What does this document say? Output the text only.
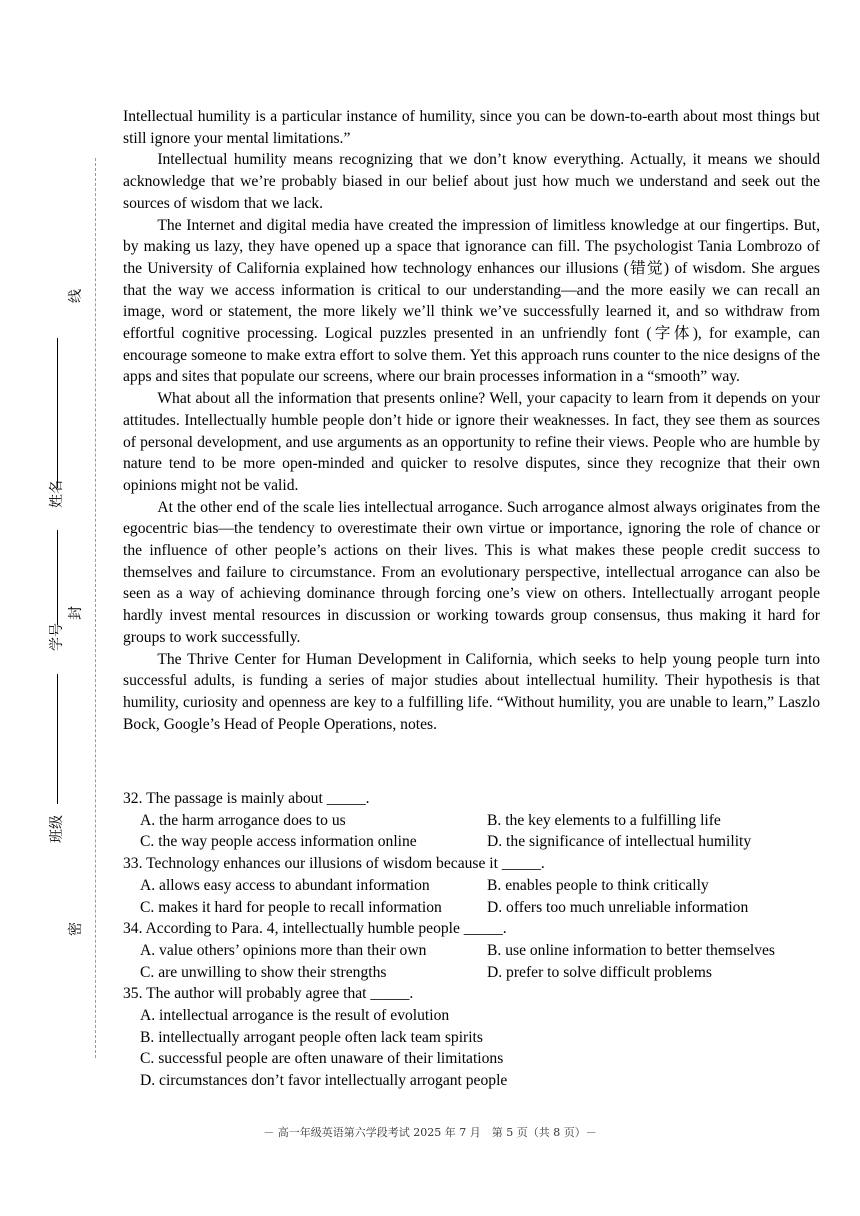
线
姓名
封
学号
班级
密

Intellectual humility is a particular instance of humility, since you can be down-to-earth about most things but still ignore your mental limitations.”

Intellectual humility means recognizing that we don’t know everything. Actually, it means we should acknowledge that we’re probably biased in our belief about just how much we understand and seek out the sources of wisdom that we lack.

The Internet and digital media have created the impression of limitless knowledge at our fingertips. But, by making us lazy, they have opened up a space that ignorance can fill. The psychologist Tania Lombrozo of the University of California explained how technology enhances our illusions (错觉) of wisdom. She argues that the way we access information is critical to our understanding—and the more easily we can recall an image, word or statement, the more likely we’ll think we’ve successfully learned it, and so withdraw from effortful cognitive processing. Logical puzzles presented in an unfriendly font (字体), for example, can encourage someone to make extra effort to solve them. Yet this approach runs counter to the nice designs of the apps and sites that populate our screens, where our brain processes information in a “smooth” way.

What about all the information that presents online? Well, your capacity to learn from it depends on your attitudes. Intellectually humble people don’t hide or ignore their weaknesses. In fact, they see them as sources of personal development, and use arguments as an opportunity to refine their views. People who are humble by nature tend to be more open-minded and quicker to resolve disputes, since they recognize that their own opinions might not be valid.

At the other end of the scale lies intellectual arrogance. Such arrogance almost always originates from the egocentric bias—the tendency to overestimate their own virtue or importance, ignoring the role of chance or the influence of other people’s actions on their lives. This is what makes these people credit success to themselves and failure to circumstance. From an evolutionary perspective, intellectual arrogance can also be seen as a way of achieving dominance through forcing one’s view on others. Intellectually arrogant people hardly invest mental resources in discussion or working towards group consensus, thus making it hard for groups to work successfully.

The Thrive Center for Human Development in California, which seeks to help young people turn into successful adults, is funding a series of major studies about intellectual humility. Their hypothesis is that humility, curiosity and openness are key to a fulfilling life. “Without humility, you are unable to learn,” Laszlo Bock, Google’s Head of People Operations, notes.

32. The passage is mainly about _____.
A. the harm arrogance does to us	B. the key elements to a fulfilling life
C. the way people access information online	D. the significance of intellectual humility
33. Technology enhances our illusions of wisdom because it _____.
A. allows easy access to abundant information	B. enables people to think critically
C. makes it hard for people to recall information	D. offers too much unreliable information
34. According to Para. 4, intellectually humble people _____.
A. value others’ opinions more than their own	B. use online information to better themselves
C. are unwilling to show their strengths	D. prefer to solve difficult problems
35. The author will probably agree that _____.
A. intellectual arrogance is the result of evolution
B. intellectually arrogant people often lack team spirits
C. successful people are often unaware of their limitations
D. circumstances don’t favor intellectually arrogant people
－ 高一年级英语第六学段考试 2025 年 7 月　第 5 页（共 8 页）－
